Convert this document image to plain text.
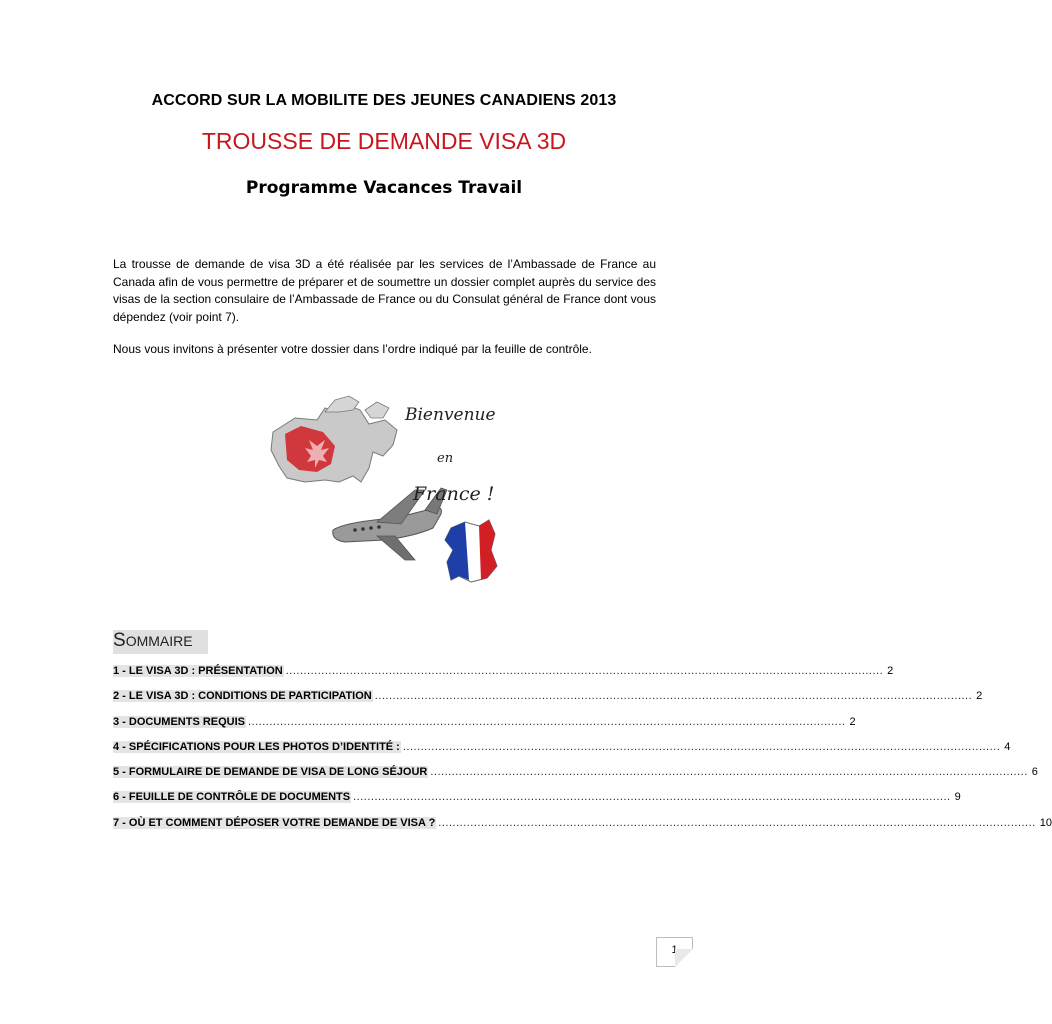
ACCORD SUR LA MOBILITE DES JEUNES CANADIENS 2013
TROUSSE DE DEMANDE VISA 3D
Programme Vacances Travail

La trousse de demande de visa 3D a été réalisée par les services de l’Ambassade de France au Canada afin de vous permettre de préparer et de soumettre un dossier complet auprès du service des visas de la section consulaire de l’Ambassade de France ou du Consulat général de France dont vous dépendez (voir point 7).

Nous vous invitons à présenter votre dossier dans l’ordre indiqué par la feuille de contrôle.

Bienvenue
en
France !
SOMMAIRE
1 - LE VISA 3D : PRÉSENTATION ........................................................................................................................................................................ 2
2 - LE VISA 3D : CONDITIONS DE PARTICIPATION ........................................................................................................................................................................ 2
3 - DOCUMENTS REQUIS ........................................................................................................................................................................ 2
4 - SPÉCIFICATIONS POUR LES PHOTOS D’IDENTITÉ : ........................................................................................................................................................................ 4
5 - FORMULAIRE DE DEMANDE DE VISA DE LONG SÉJOUR ........................................................................................................................................................................ 6
6 - FEUILLE DE CONTRÔLE DE DOCUMENTS ........................................................................................................................................................................ 9
7 - OÙ ET COMMENT DÉPOSER VOTRE DEMANDE DE VISA ? ........................................................................................................................................................................ 10
1
